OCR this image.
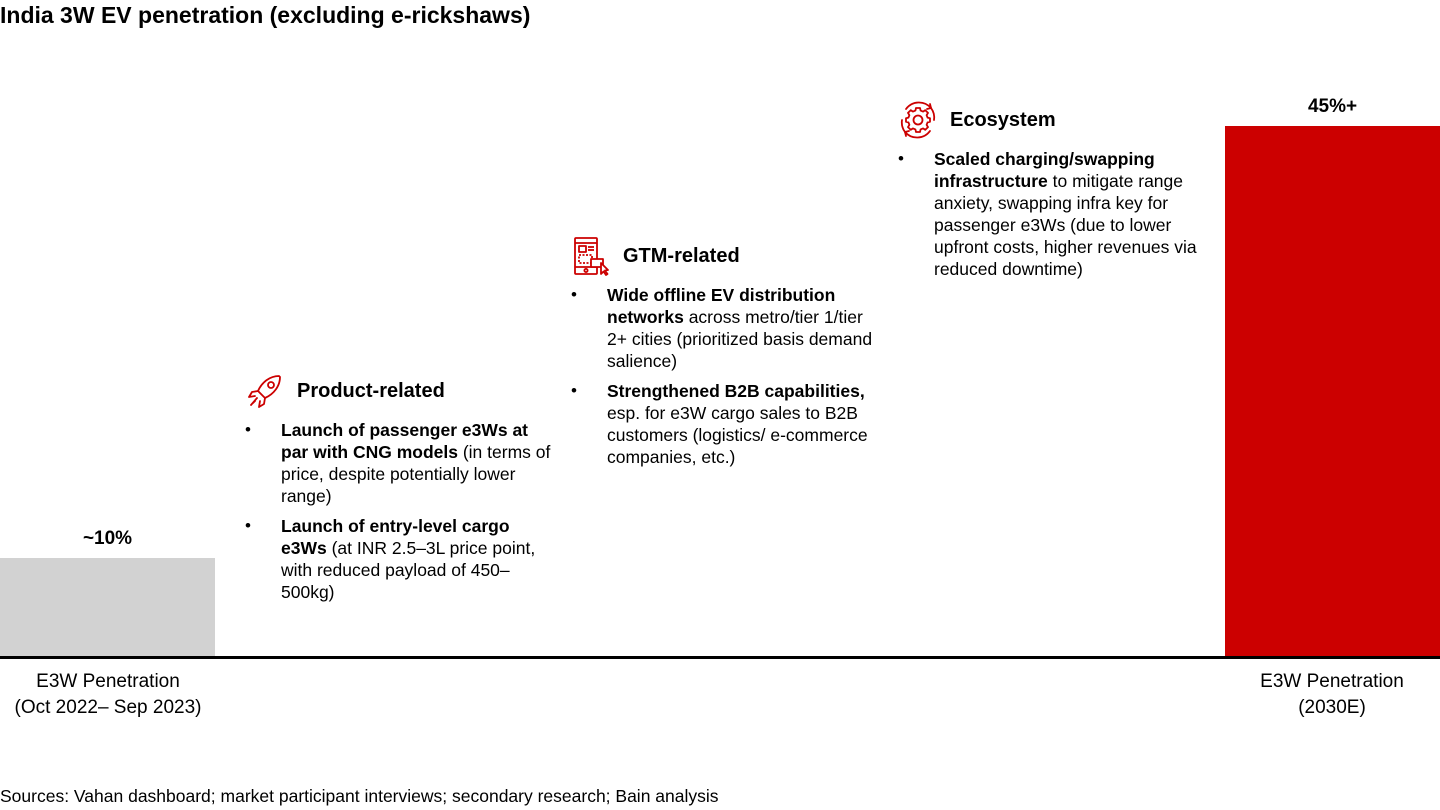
India 3W EV penetration (excluding e-rickshaws)
~10%
45%+
E3W Penetration
(Oct 2022– Sep 2023)
E3W Penetration
(2030E)
Product-related
• Launch of passenger e3Ws at par with CNG models (in terms of price, despite potentially lower range)
• Launch of entry-level cargo e3Ws (at INR 2.5–3L price point, with reduced payload of 450–500kg)
GTM-related
• Wide offline EV distribution networks across metro/tier 1/tier 2+ cities (prioritized basis demand salience)
• Strengthened B2B capabilities, esp. for e3W cargo sales to B2B customers (logistics/ e-commerce companies, etc.)
Ecosystem
• Scaled charging/swapping infrastructure to mitigate range anxiety, swapping infra key for passenger e3Ws (due to lower upfront costs, higher revenues via reduced downtime)
Sources: Vahan dashboard; market participant interviews; secondary research; Bain analysis
